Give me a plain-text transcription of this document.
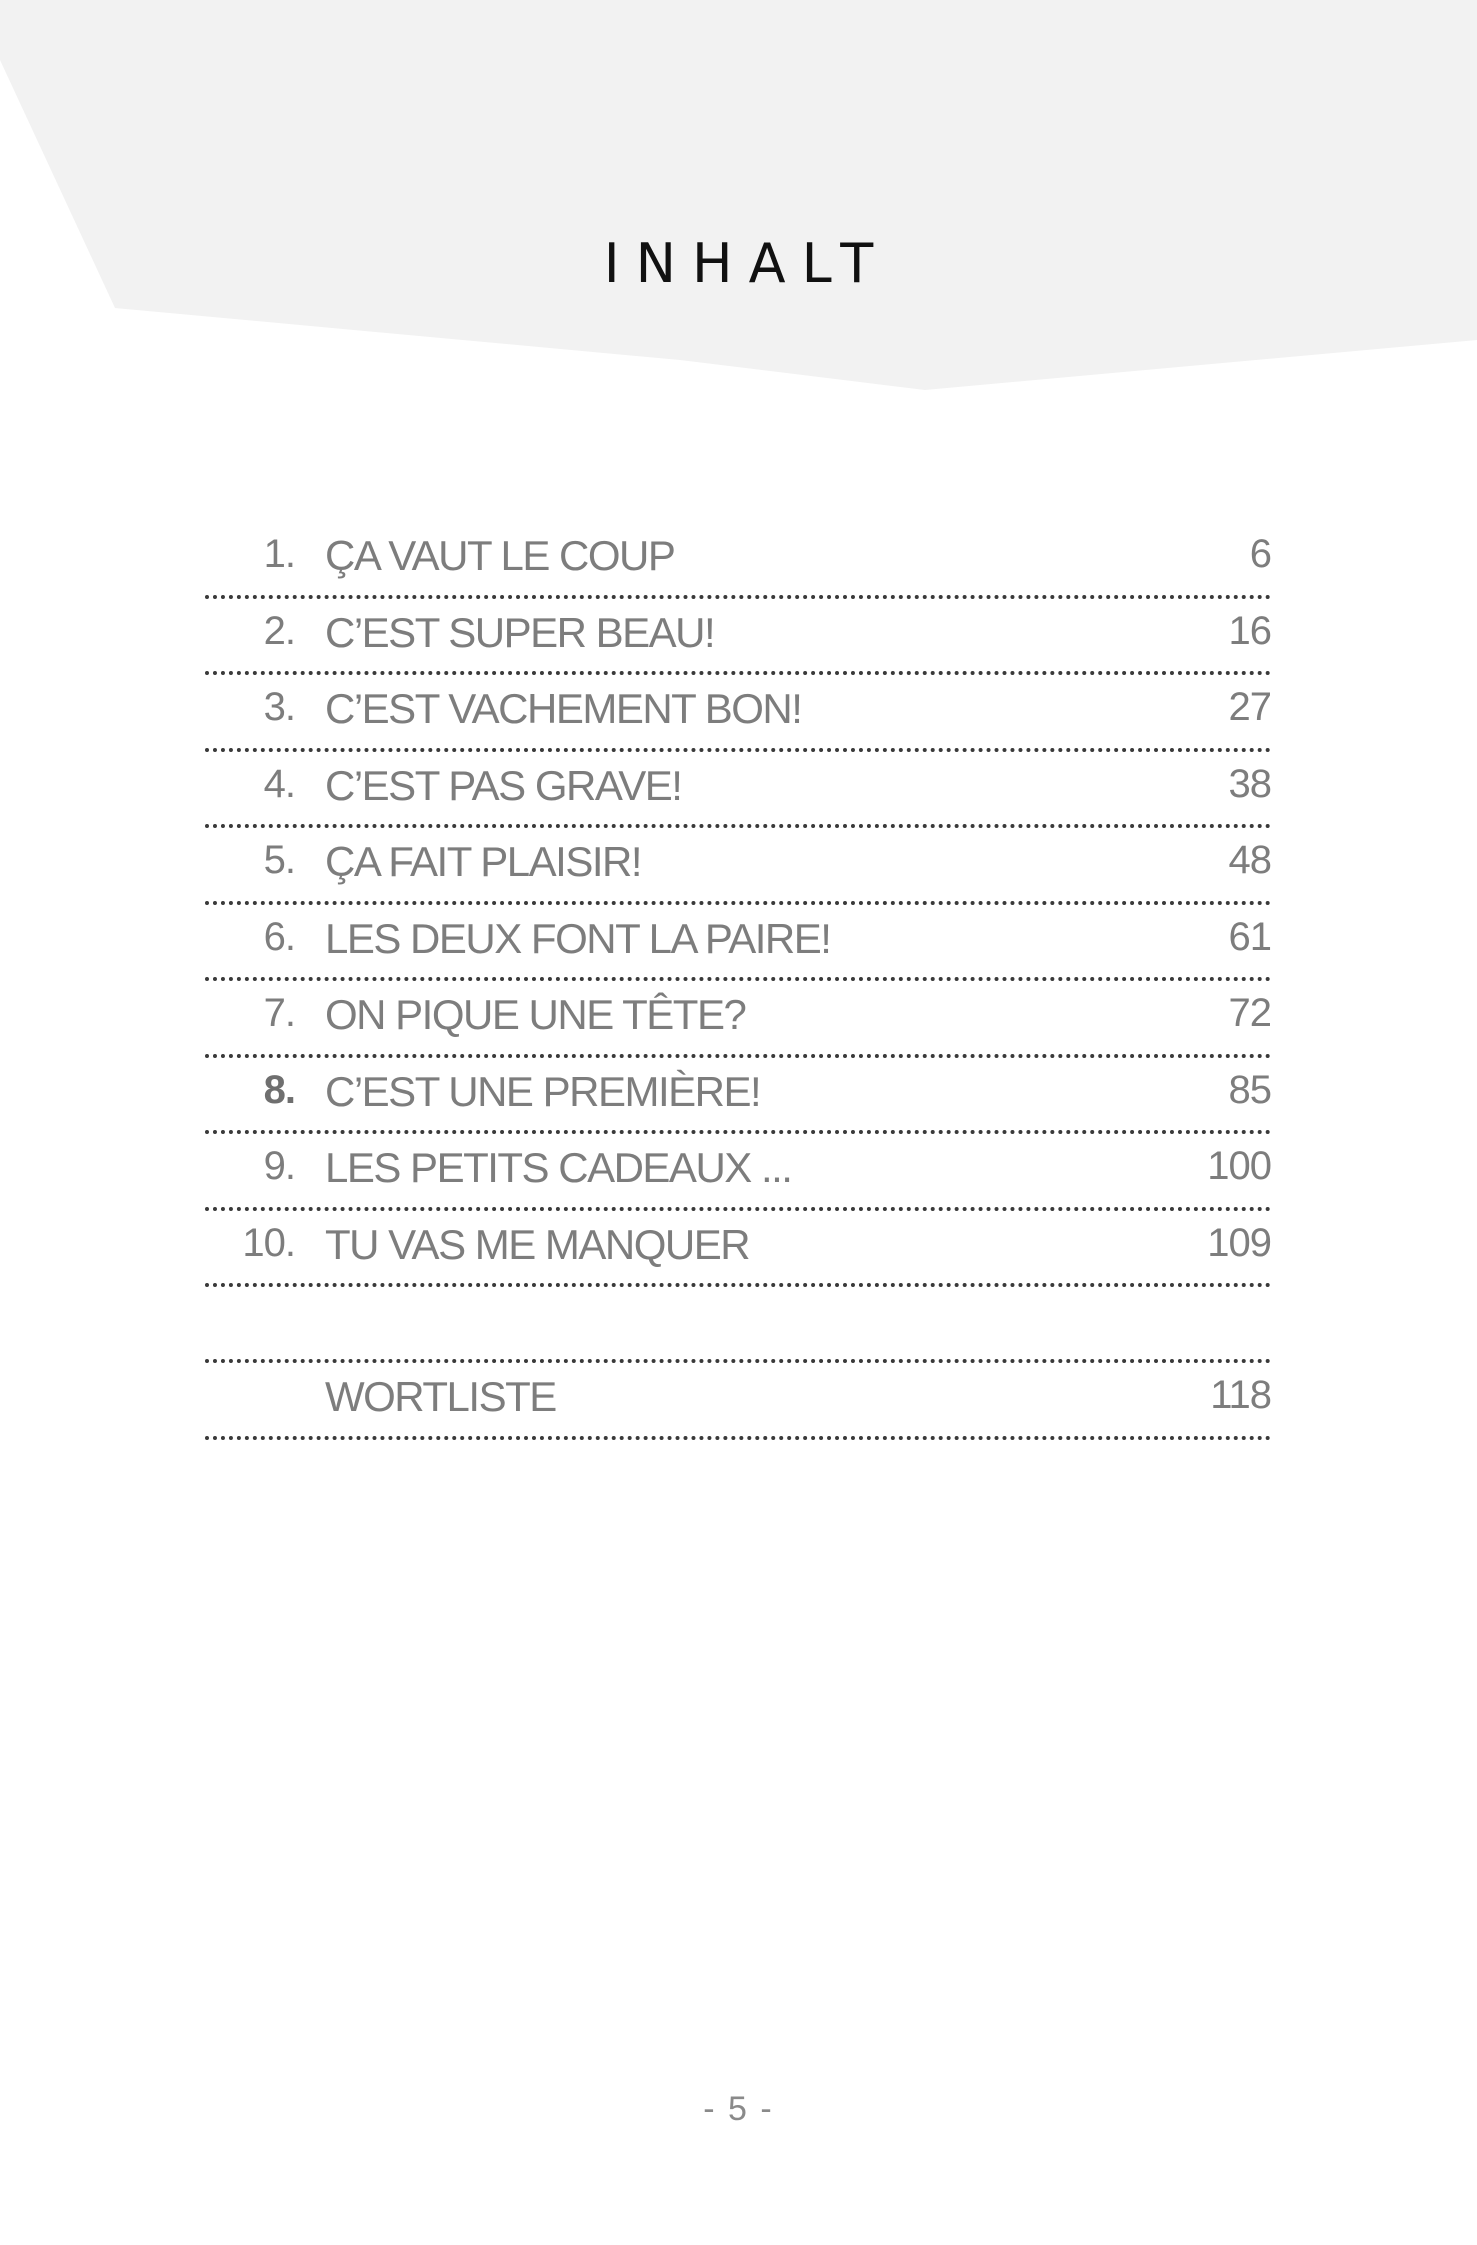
INHALT
1. ÇA VAUT LE COUP	6
2. C’EST SUPER BEAU!	16
3. C’EST VACHEMENT BON!	27
4. C’EST PAS GRAVE!	38
5. ÇA FAIT PLAISIR!	48
6. LES DEUX FONT LA PAIRE!	61
7. ON PIQUE UNE TÊTE?	72
8. C’EST UNE PREMIÈRE!	85
9. LES PETITS CADEAUX ...	100
10. TU VAS ME MANQUER	109
WORTLISTE	118
- 5 -
